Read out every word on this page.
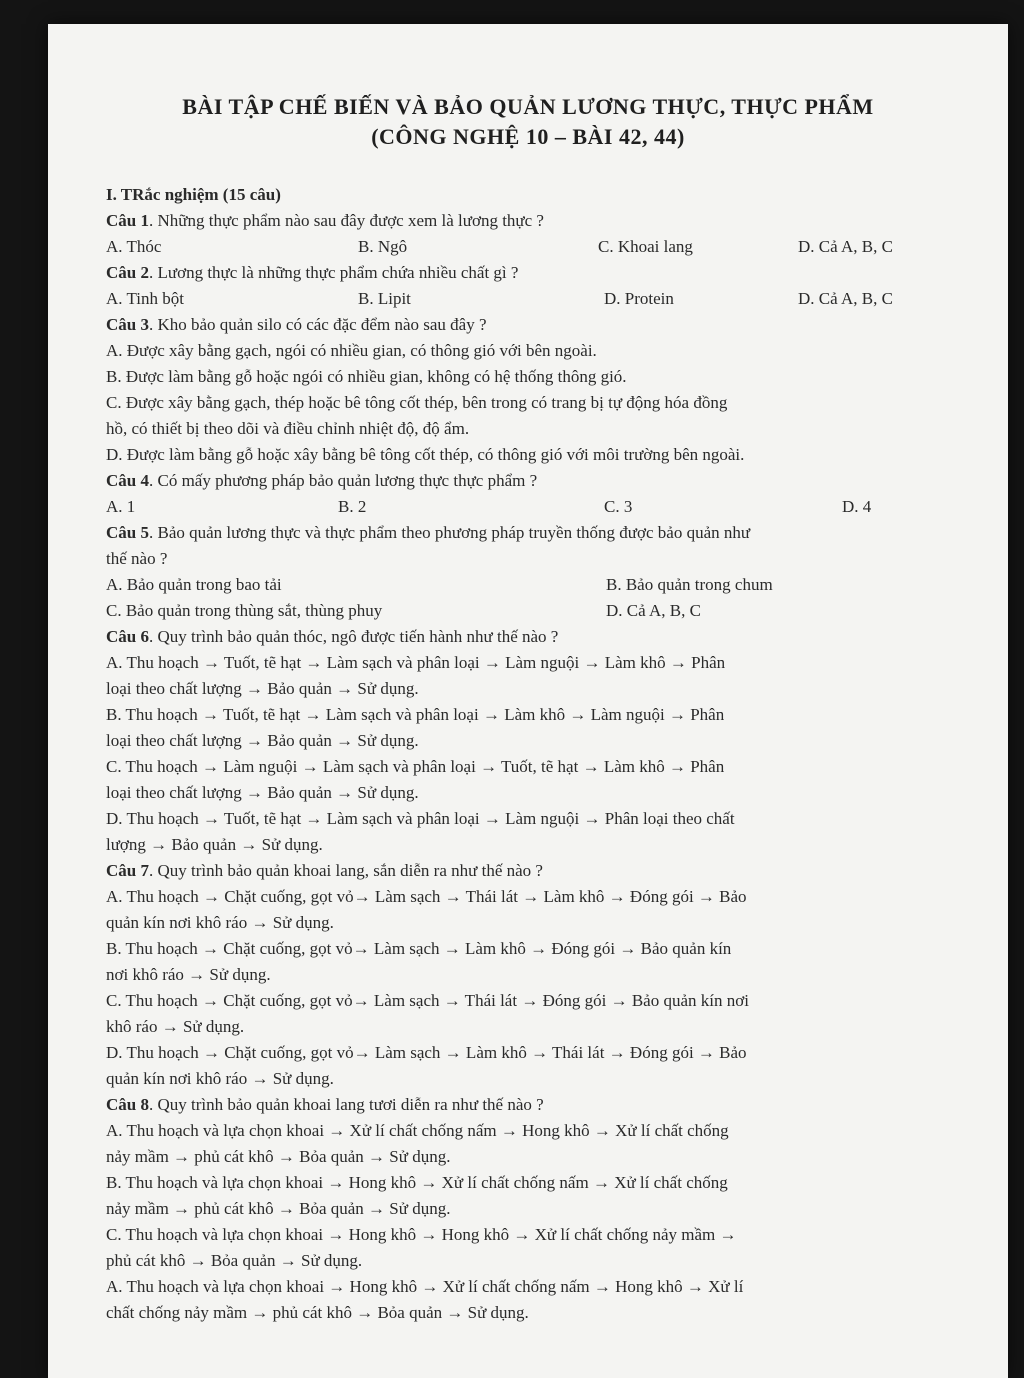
BÀI TẬP CHẾ BIẾN VÀ BẢO QUẢN LƯƠNG THỰC, THỰC PHẨM
(CÔNG NGHỆ 10 – BÀI 42, 44)
I. TRắc nghiệm (15 câu)
Câu 1. Những thực phẩm nào sau đây được xem là lương thực ?
A. Thóc	B. Ngô	C. Khoai lang	D. Cả A, B, C
Câu 2. Lương thực là những thực phẩm chứa nhiều chất gì ?
A. Tinh bột	B. Lipit	D. Protein	D. Cả A, B, C
Câu 3. Kho bảo quản silo có các đặc đểm nào sau đây ?
A. Được xây bằng gạch, ngói có nhiều gian, có thông gió với bên ngoài.
B. Được làm bằng gỗ hoặc ngói có nhiều gian, không có hệ thống thông gió.
C. Được xây bằng gạch, thép hoặc bê tông cốt thép, bên trong có trang bị tự động hóa đồng
hồ, có thiết bị theo dõi và điều chỉnh nhiệt độ, độ ẩm.
D. Được làm bằng gỗ hoặc xây bằng bê tông cốt thép, có thông gió với môi trường bên ngoài.
Câu 4. Có mấy phương pháp bảo quản lương thực thực phẩm ?
A. 1	B. 2	C. 3	D. 4
Câu 5. Bảo quản lương thực và thực phẩm theo phương pháp truyền thống được bảo quản như
thế nào ?
A. Bảo quản trong bao tải	B. Bảo quản trong chum
C. Bảo quản trong thùng sắt, thùng phuy	D. Cả A, B, C
Câu 6. Quy trình bảo quản thóc, ngô được tiến hành như thế nào ?
A. Thu hoạch → Tuốt, tẽ hạt → Làm sạch và phân loại → Làm nguội → Làm khô → Phân
loại theo chất lượng → Bảo quản → Sử dụng.
B. Thu hoạch → Tuốt, tẽ hạt → Làm sạch và phân loại → Làm khô → Làm nguội → Phân
loại theo chất lượng → Bảo quản → Sử dụng.
C. Thu hoạch → Làm nguội → Làm sạch và phân loại → Tuốt, tẽ hạt → Làm khô → Phân
loại theo chất lượng → Bảo quản → Sử dụng.
D. Thu hoạch → Tuốt, tẽ hạt → Làm sạch và phân loại → Làm nguội → Phân loại theo chất
lượng → Bảo quản → Sử dụng.
Câu 7. Quy trình bảo quản khoai lang, sắn diễn ra như thế nào ?
A. Thu hoạch → Chặt cuống, gọt vỏ→ Làm sạch → Thái lát → Làm khô → Đóng gói → Bảo
quản kín nơi khô ráo → Sử dụng.
B. Thu hoạch → Chặt cuống, gọt vỏ→ Làm sạch → Làm khô → Đóng gói → Bảo quản kín
nơi khô ráo → Sử dụng.
C. Thu hoạch → Chặt cuống, gọt vỏ→ Làm sạch → Thái lát → Đóng gói → Bảo quản kín nơi
khô ráo → Sử dụng.
D. Thu hoạch → Chặt cuống, gọt vỏ→ Làm sạch → Làm khô → Thái lát → Đóng gói → Bảo
quản kín nơi khô ráo → Sử dụng.
Câu 8. Quy trình bảo quản khoai lang tươi diễn ra như thế nào ?
A. Thu hoạch và lựa chọn khoai → Xử lí chất chống nấm → Hong khô → Xử lí chất chống
nảy mầm → phủ cát khô → Bỏa quản → Sử dụng.
B. Thu hoạch và lựa chọn khoai → Hong khô → Xử lí chất chống nấm → Xử lí chất chống
nảy mầm → phủ cát khô → Bỏa quản → Sử dụng.
C. Thu hoạch và lựa chọn khoai → Hong khô → Hong khô → Xử lí chất chống nảy mầm →
phủ cát khô → Bỏa quản → Sử dụng.
A. Thu hoạch và lựa chọn khoai → Hong khô → Xử lí chất chống nấm → Hong khô → Xử lí
chất chống nảy mầm → phủ cát khô → Bỏa quản → Sử dụng.
